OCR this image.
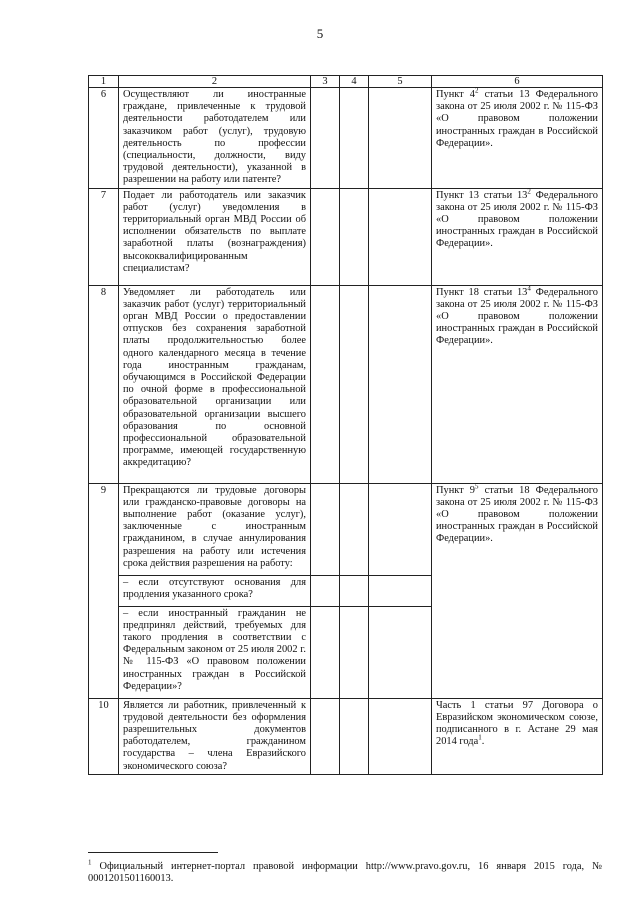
5
1	2	3	4	5	6
6	Осуществляют ли иностранные граждане, привлеченные к трудовой деятельности работодателем или заказчиком работ (услуг), трудовую деятельность по профессии (специальности, должности, виду трудовой деятельности), указанной в разрешении на работу или патенте?				Пункт $4^2$ статьи 13 Федерального закона от 25 июля 2002 г. № 115-ФЗ «О правовом положении иностранных граждан в Российской Федерации».
7	Подает ли работодатель или заказчик работ (услуг) уведомления в территориальный орган МВД России об исполнении обязательств по выплате заработной платы (вознаграждения) высококвалифицированным специалистам?				Пункт 13 статьи $13^2$ Федерального закона от 25 июля 2002 г. № 115-ФЗ «О правовом положении иностранных граждан в Российской Федерации».
8	Уведомляет ли работодатель или заказчик работ (услуг) территориальный орган МВД России о предоставлении отпусков без сохранения заработной платы продолжительностью более одного календарного месяца в течение года иностранным гражданам, обучающимся в Российской Федерации по очной форме в профессиональной образовательной организации или образовательной организации высшего образования по основной профессиональной образовательной программе, имеющей государственную аккредитацию?				Пункт 18 статьи $13^4$ Федерального закона от 25 июля 2002 г. № 115-ФЗ «О правовом положении иностранных граждан в Российской Федерации».
9	Прекращаются ли трудовые договоры или гражданско-правовые договоры на выполнение работ (оказание услуг), заключенные с иностранным гражданином, в случае аннулирования разрешения на работу или истечения срока действия разрешения на работу:				Пункт $9^5$ статьи 18 Федерального закона от 25 июля 2002 г. № 115-ФЗ «О правовом положении иностранных граждан в Российской Федерации».
	– если отсутствуют основания для продления указанного срока?				
	– если иностранный гражданин не предпринял действий, требуемых для такого продления в соответствии с Федеральным законом от 25 июля 2002 г. № 115-ФЗ «О правовом положении иностранных граждан в Российской Федерации»?				
10	Является ли работник, привлеченный к трудовой деятельности без оформления разрешительных документов работодателем, гражданином государства – члена Евразийского экономического союза?				Часть 1 статьи 97 Договора о Евразийском экономическом союзе, подписанного в г. Астане 29 мая 2014 года$^1$.
$^1$ Официальный интернет-портал правовой информации http://www.pravo.gov.ru, 16 января 2015 года, № 0001201501160013.
